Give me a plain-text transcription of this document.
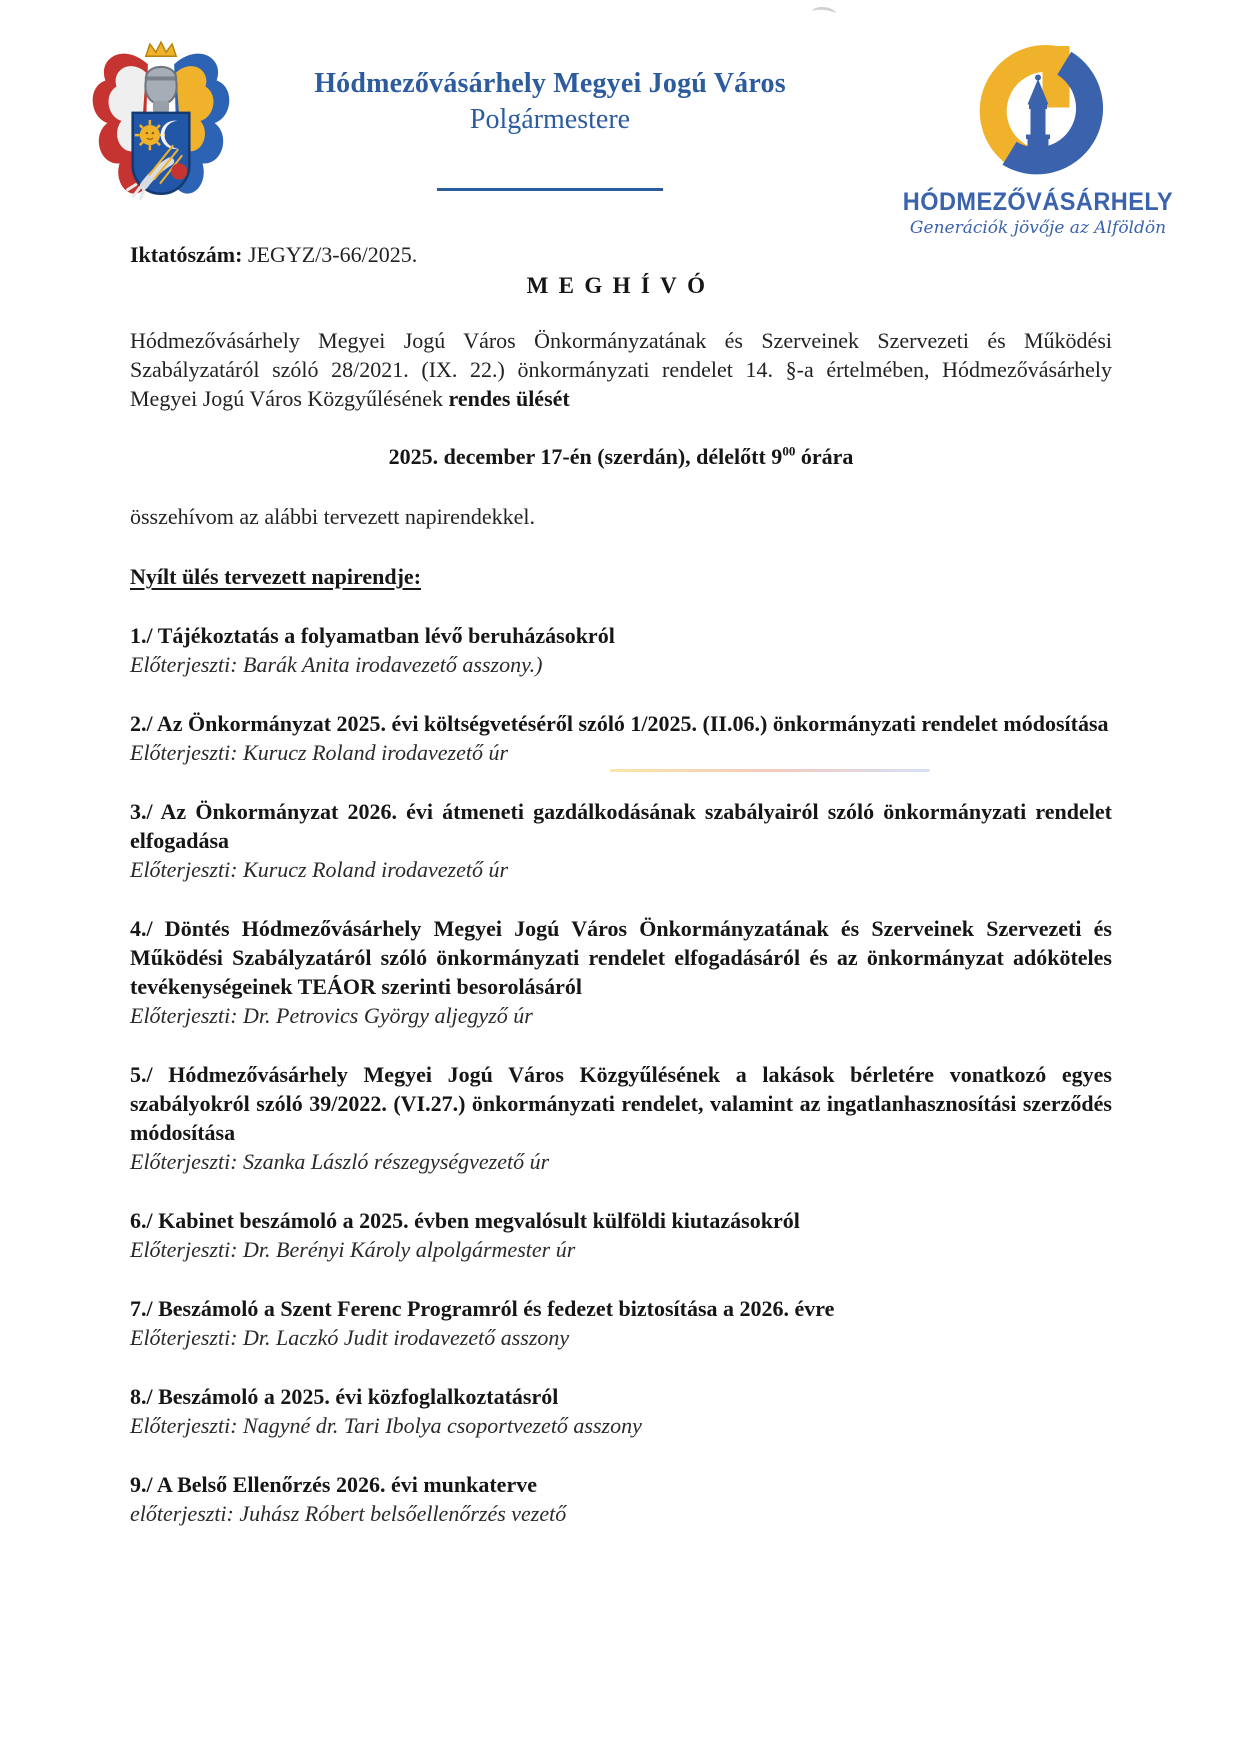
Hódmezővásárhely Megyei Jogú Város
Polgármestere
HÓDMEZŐVÁSÁRHELY
Generációk jövője az Alföldön

Iktatószám: JEGYZ/3-66/2025.

MEGHÍVÓ

Hódmezővásárhely Megyei Jogú Város Önkormányzatának és Szerveinek Szervezeti és Működési Szabályzatáról szóló 28/2021. (IX. 22.) önkormányzati rendelet 14. §-a értelmében, Hódmezővásárhely Megyei Jogú Város Közgyűlésének rendes ülését

2025. december 17-én (szerdán), délelőtt $9^{00}$ órára

összehívom az alábbi tervezett napirendekkel.

Nyílt ülés tervezett napirendje:
1./ Tájékoztatás a folyamatban lévő beruházásokról
Előterjeszti: Barák Anita irodavezető asszony.)
2./ Az Önkormányzat 2025. évi költségvetéséről szóló 1/2025. (II.06.) önkormányzati rendelet módosítása
Előterjeszti: Kurucz Roland irodavezető úr
3./ Az Önkormányzat 2026. évi átmeneti gazdálkodásának szabályairól szóló önkormányzati rendelet elfogadása
Előterjeszti: Kurucz Roland irodavezető úr
4./ Döntés Hódmezővásárhely Megyei Jogú Város Önkormányzatának és Szerveinek Szervezeti és Működési Szabályzatáról szóló önkormányzati rendelet elfogadásáról és az önkormányzat adóköteles tevékenységeinek TEÁOR szerinti besorolásáról
Előterjeszti: Dr. Petrovics György aljegyző úr
5./ Hódmezővásárhely Megyei Jogú Város Közgyűlésének a lakások bérletére vonatkozó egyes szabályokról szóló 39/2022. (VI.27.) önkormányzati rendelet, valamint az ingatlanhasznosítási szerződés módosítása
Előterjeszti: Szanka László részegységvezető úr
6./ Kabinet beszámoló a 2025. évben megvalósult külföldi kiutazásokról
Előterjeszti: Dr. Berényi Károly alpolgármester úr
7./ Beszámoló a Szent Ferenc Programról és fedezet biztosítása a 2026. évre
Előterjeszti: Dr. Laczkó Judit irodavezető asszony
8./ Beszámoló a 2025. évi közfoglalkoztatásról
Előterjeszti: Nagyné dr. Tari Ibolya csoportvezető asszony
9./ A Belső Ellenőrzés 2026. évi munkaterve
előterjeszti: Juhász Róbert belsőellenőrzés vezető
